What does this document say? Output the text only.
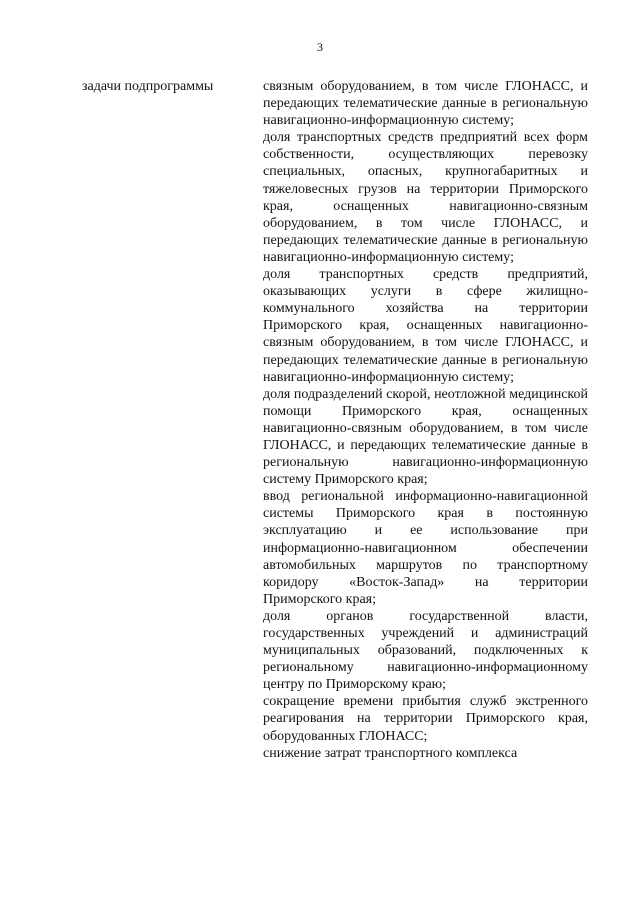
3
задачи подпрограммы	связным оборудованием, в том числе ГЛОНАСС, и передающих телематические данные в региональную навигационно-информационную систему;

доля транспортных средств предприятий всех форм собственности, осуществляющих перевозку специальных, опасных, крупногабаритных и тяжеловесных грузов на территории Приморского края, оснащенных навигационно-связным оборудованием, в том числе ГЛОНАСС, и передающих телематические данные в региональную навигационно-информационную систему;

доля транспортных средств предприятий, оказывающих услуги в сфере жилищно-коммунального хозяйства на территории Приморского края, оснащенных навигационно-связным оборудованием, в том числе ГЛОНАСС, и передающих телематические данные в региональную навигационно-информационную систему;

доля подразделений скорой, неотложной медицинской помощи Приморского края, оснащенных навигационно-связным оборудованием, в том числе ГЛОНАСС, и передающих телематические данные в региональную навигационно-информационную систему Приморского края;

ввод региональной информационно-навигационной системы Приморского края в постоянную эксплуатацию и ее использование при информационно-навигационном обеспечении автомобильных маршрутов по транспортному коридору «Восток-Запад» на территории Приморского края;

доля органов государственной власти, государственных учреждений и администраций муниципальных образований, подключенных к региональному навигационно-информационному центру по Приморскому краю;

сокращение времени прибытия служб экстренного реагирования на территории Приморского края, оборудованных ГЛОНАСС;

снижение затрат транспортного комплекса
